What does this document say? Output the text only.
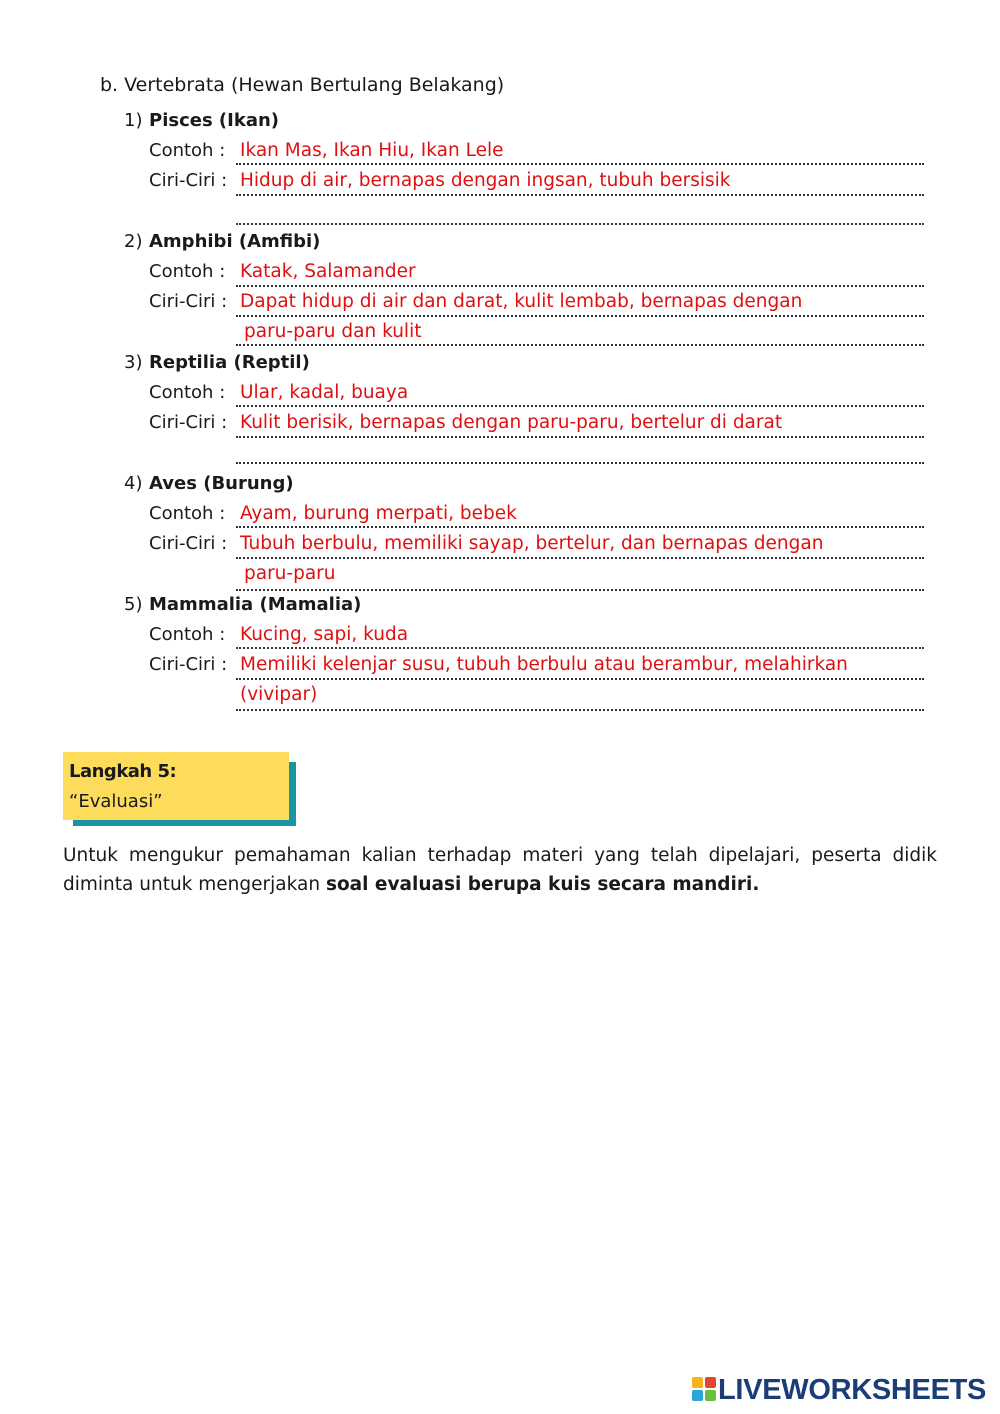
b. Vertebrata (Hewan Bertulang Belakang)
1) Pisces (Ikan)
Contoh : Ikan Mas, Ikan Hiu, Ikan Lele
Ciri-Ciri : Hidup di air, bernapas dengan ingsan, tubuh bersisik
2) Amphibi (Amfibi)
Contoh : Katak, Salamander
Ciri-Ciri : Dapat hidup di air dan darat, kulit lembab, bernapas dengan
paru-paru dan kulit
3) Reptilia (Reptil)
Contoh : Ular, kadal, buaya
Ciri-Ciri : Kulit berisik, bernapas dengan paru-paru, bertelur di darat
4) Aves (Burung)
Contoh : Ayam, burung merpati, bebek
Ciri-Ciri : Tubuh berbulu, memiliki sayap, bertelur, dan bernapas dengan
paru-paru
5) Mammalia (Mamalia)
Contoh : Kucing, sapi, kuda
Ciri-Ciri : Memiliki kelenjar susu, tubuh berbulu atau berambur, melahirkan
(vivipar)
Langkah 5:
“Evaluasi”
Untuk mengukur pemahaman kalian terhadap materi yang telah dipelajari, peserta didik diminta untuk mengerjakan soal evaluasi berupa kuis secara mandiri.
LIVEWORKSHEETS
